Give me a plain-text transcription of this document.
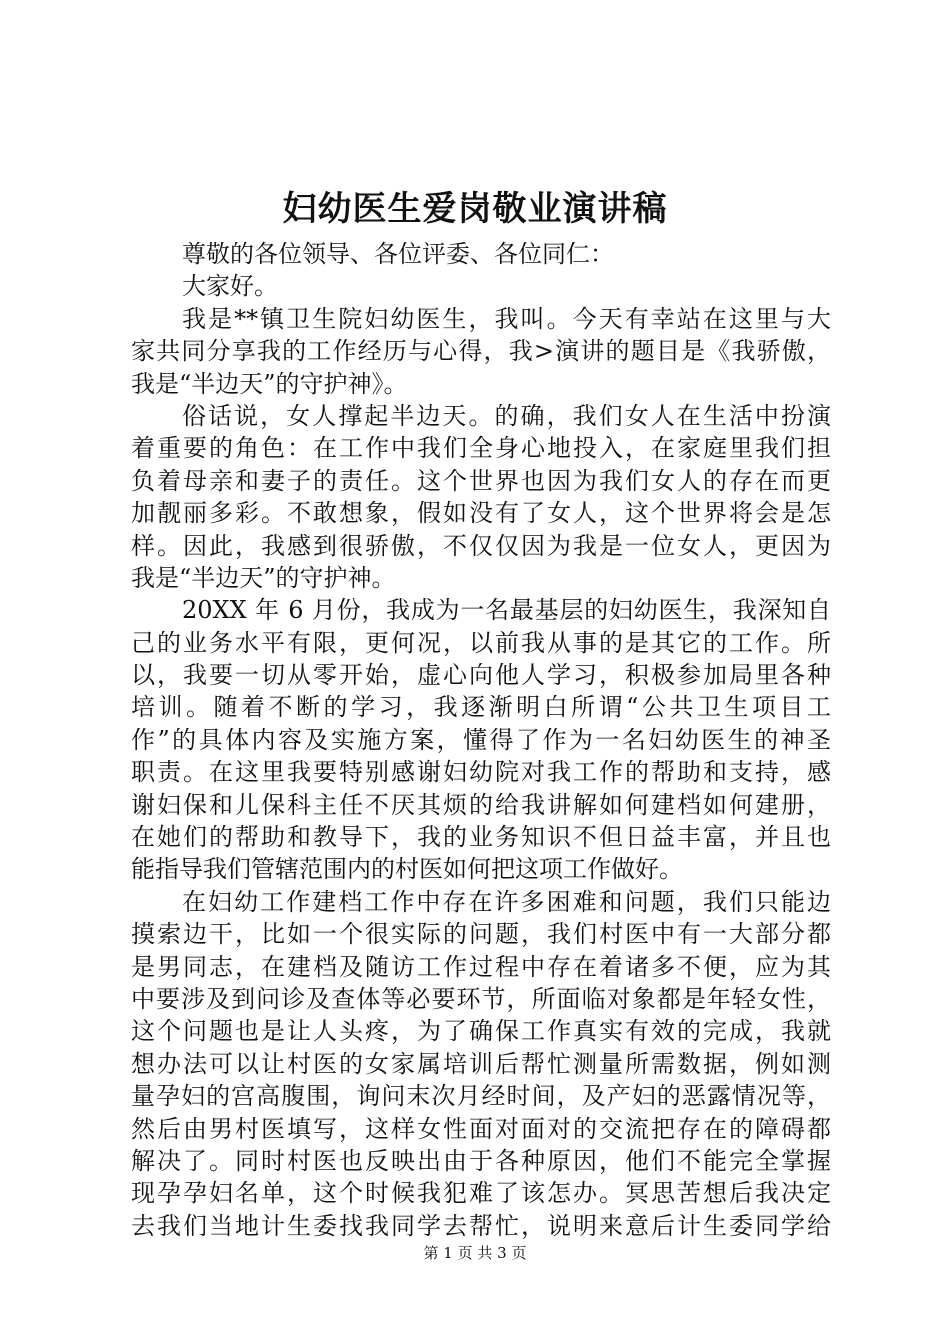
妇幼医生爱岗敬业演讲稿
尊敬的各位领导、各位评委、各位同仁：
大家好。
我是**镇卫生院妇幼医生，我叫。今天有幸站在这里与大
家共同分享我的工作经历与心得，我>演讲的题目是《我骄傲，
我是“半边天”的守护神》。
俗话说，女人撑起半边天。的确，我们女人在生活中扮演
着重要的角色：在工作中我们全身心地投入，在家庭里我们担
负着母亲和妻子的责任。这个世界也因为我们女人的存在而更
加靓丽多彩。不敢想象，假如没有了女人，这个世界将会是怎
样。因此，我感到很骄傲，不仅仅因为我是一位女人，更因为
我是“半边天”的守护神。
20XX 年 6 月份，我成为一名最基层的妇幼医生，我深知自
己的业务水平有限，更何况，以前我从事的是其它的工作。所
以，我要一切从零开始，虚心向他人学习，积极参加局里各种
培训。随着不断的学习，我逐渐明白所谓“公共卫生项目工
作”的具体内容及实施方案，懂得了作为一名妇幼医生的神圣
职责。在这里我要特别感谢妇幼院对我工作的帮助和支持，感
谢妇保和儿保科主任不厌其烦的给我讲解如何建档如何建册，
在她们的帮助和教导下，我的业务知识不但日益丰富，并且也
能指导我们管辖范围内的村医如何把这项工作做好。
在妇幼工作建档工作中存在许多困难和问题，我们只能边
摸索边干，比如一个很实际的问题，我们村医中有一大部分都
是男同志，在建档及随访工作过程中存在着诸多不便，应为其
中要涉及到问诊及查体等必要环节，所面临对象都是年轻女性，
这个问题也是让人头疼，为了确保工作真实有效的完成，我就
想办法可以让村医的女家属培训后帮忙测量所需数据，例如测
量孕妇的宫高腹围，询问末次月经时间，及产妇的恶露情况等，
然后由男村医填写，这样女性面对面对的交流把存在的障碍都
解决了。同时村医也反映出由于各种原因，他们不能完全掌握
现孕孕妇名单，这个时候我犯难了该怎办。冥思苦想后我决定
去我们当地计生委找我同学去帮忙，说明来意后计生委同学给
第 1 页 共 3 页
